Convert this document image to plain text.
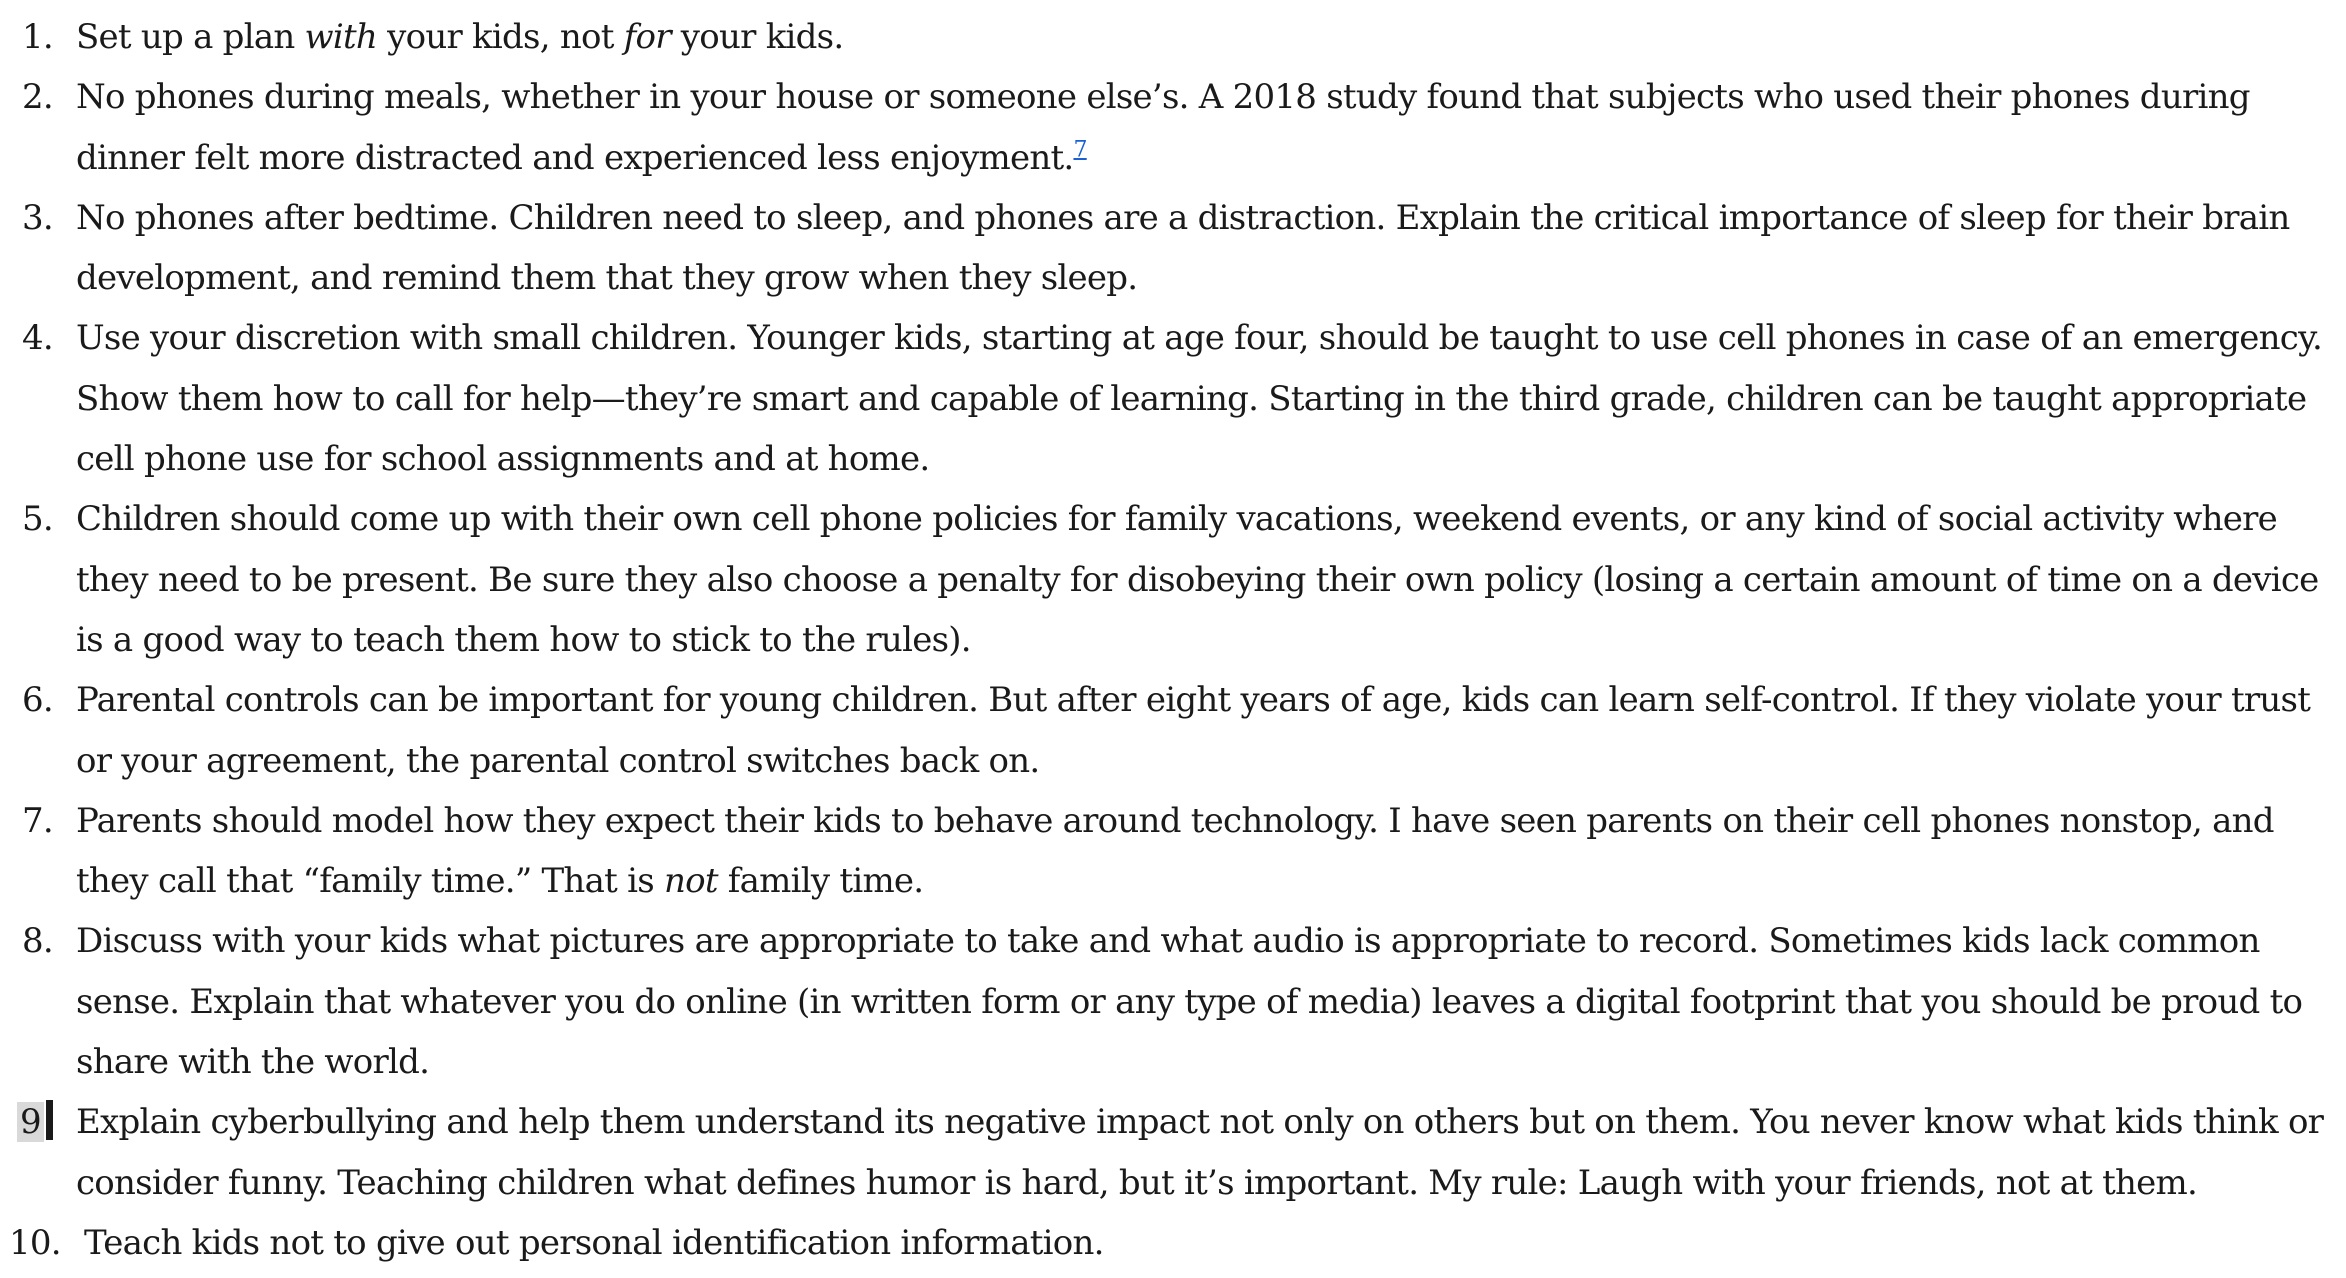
1. Set up a plan with your kids, not for your kids.
2. No phones during meals, whether in your house or someone else’s. A 2018 study found that subjects who used their phones during dinner felt more distracted and experienced less enjoyment.$^7$
3. No phones after bedtime. Children need to sleep, and phones are a distraction. Explain the critical importance of sleep for their brain development, and remind them that they grow when they sleep.
4. Use your discretion with small children. Younger kids, starting at age four, should be taught to use cell phones in case of an emergency. Show them how to call for help—they’re smart and capable of learning. Starting in the third grade, children can be taught appropriate cell phone use for school assignments and at home.
5. Children should come up with their own cell phone policies for family vacations, weekend events, or any kind of social activity where they need to be present. Be sure they also choose a penalty for disobeying their own policy (losing a certain amount of time on a device is a good way to teach them how to stick to the rules).
6. Parental controls can be important for young children. But after eight years of age, kids can learn self-control. If they violate your trust or your agreement, the parental control switches back on.
7. Parents should model how they expect their kids to behave around technology. I have seen parents on their cell phones nonstop, and they call that “family time.” That is not family time.
8. Discuss with your kids what pictures are appropriate to take and what audio is appropriate to record. Sometimes kids lack common sense. Explain that whatever you do online (in written form or any type of media) leaves a digital footprint that you should be proud to share with the world.
9	Explain cyberbullying and help them understand its negative impact not only on others but on them. You never know what kids think or consider funny. Teaching children what defines humor is hard, but it’s important. My rule: Laugh with your friends, not at them.
10. Teach kids not to give out personal identification information.
